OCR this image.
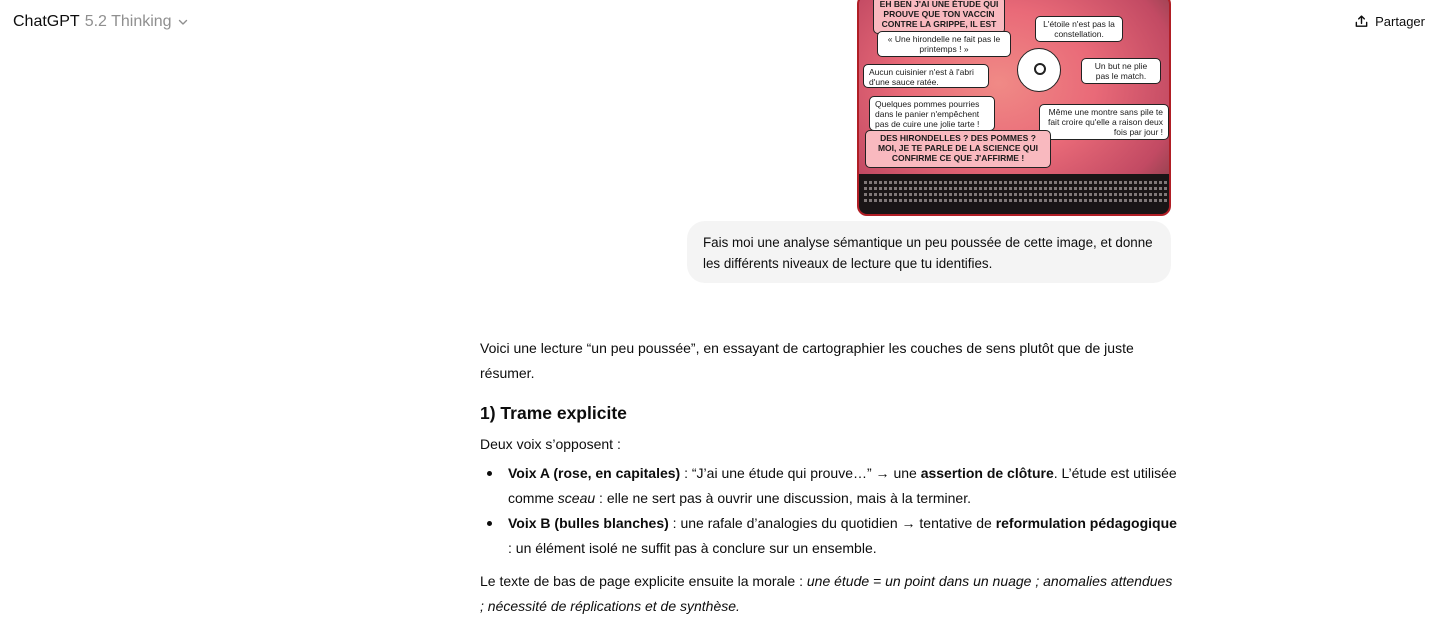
ChatGPT 5.2 Thinking	Partager
EH BEN J'AI UNE ÉTUDE QUI PROUVE QUE TON VACCIN CONTRE LA GRIPPE, IL EST
« Une hirondelle ne fait pas le printemps ! »
Aucun cuisinier n'est à l'abri d'une sauce ratée.
Quelques pommes pourries dans le panier n'empêchent pas de cuire une jolie tarte !
L'étoile n'est pas la constellation.
Un but ne plie pas le match.
Même une montre sans pile te fait croire qu'elle a raison deux fois par jour !
DES HIRONDELLES ? DES POMMES ? MOI, JE TE PARLE DE LA SCIENCE QUI CONFIRME CE QUE J'AFFIRME !

Fais moi une analyse sémantique un peu poussée de cette image, et donne les différents niveaux de lecture que tu identifies.

Voici une lecture “un peu poussée”, en essayant de cartographier les couches de sens plutôt que de juste résumer.

1) Trame explicite

Deux voix s’opposent :

Voix A (rose, en capitales) : “J’ai une étude qui prouve…” → une assertion de clôture. L’étude est utilisée comme sceau : elle ne sert pas à ouvrir une discussion, mais à la terminer.
Voix B (bulles blanches) : une rafale d’analogies du quotidien → tentative de reformulation pédagogique : un élément isolé ne suffit pas à conclure sur un ensemble.

Le texte de bas de page explicite ensuite la morale : une étude = un point dans un nuage ; anomalies attendues ; nécessité de réplications et de synthèse.
